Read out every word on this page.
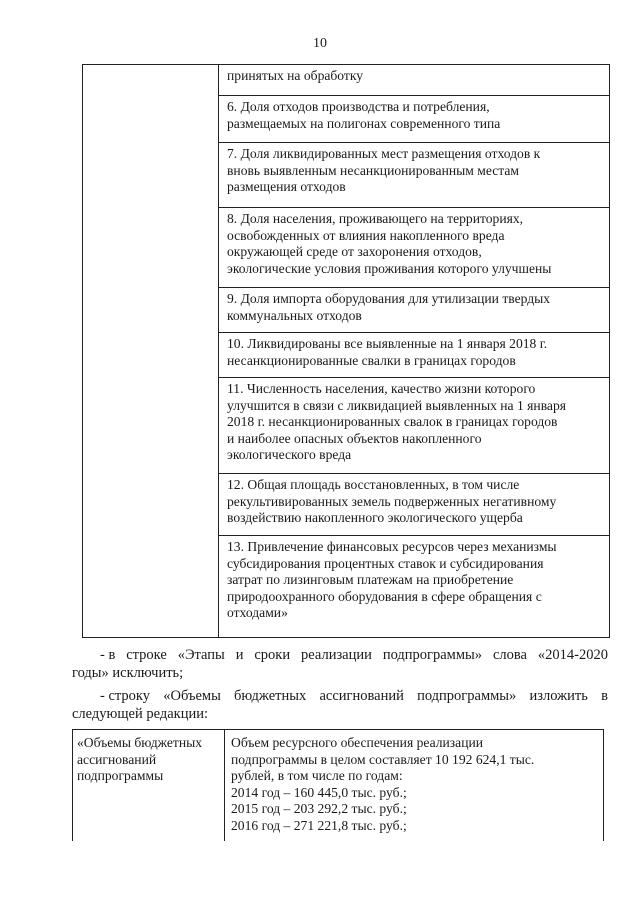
10
принятых на обработку
6. Доля отходов производства и потребления,
размещаемых на полигонах современного типа
7. Доля ликвидированных мест размещения отходов к
вновь выявленным несанкционированным местам
размещения отходов
8. Доля населения, проживающего на территориях,
освобожденных от влияния накопленного вреда
окружающей среде от захоронения отходов,
экологические условия проживания которого улучшены
9. Доля импорта оборудования для утилизации твердых
коммунальных отходов
10. Ликвидированы все выявленные на 1 января 2018 г.
несанкционированные свалки в границах городов
11. Численность населения, качество жизни которого
улучшится в связи с ликвидацией выявленных на 1 января
2018 г. несанкционированных свалок в границах городов
и наиболее опасных объектов накопленного
экологического вреда
12. Общая площадь восстановленных, в том числе
рекультивированных земель подверженных негативному
воздействию накопленного экологического ущерба
13. Привлечение финансовых ресурсов через механизмы
субсидирования процентных ставок и субсидирования
затрат по лизинговым платежам на приобретение
природоохранного оборудования в сфере обращения с
отходами»
- в строке «Этапы и сроки реализации подпрограммы» слова «2014-2020
годы» исключить;
- строку «Объемы бюджетных ассигнований подпрограммы» изложить в
следующей редакции:
«Объемы бюджетных
ассигнований
подпрограммы
Объем ресурсного обеспечения реализации
подпрограммы в целом составляет 10 192 624,1 тыс.
рублей, в том числе по годам:
2014 год – 160 445,0 тыс. руб.;
2015 год – 203 292,2 тыс. руб.;
2016 год – 271 221,8 тыс. руб.;
